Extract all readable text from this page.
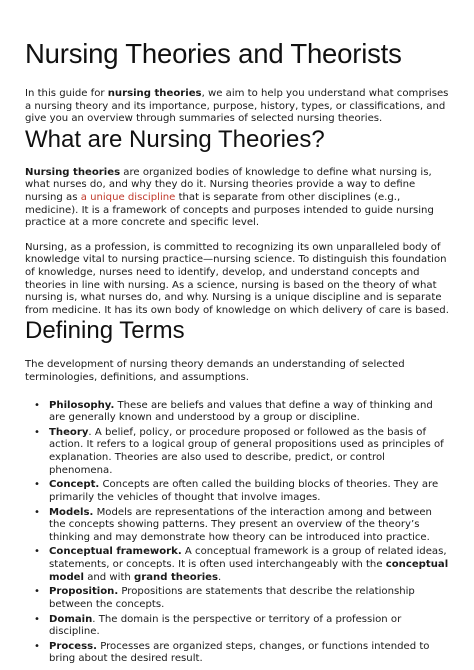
Nursing Theories and Theorists

In this guide for nursing theories, we aim to help you understand what comprises a nursing theory and its importance, purpose, history, types, or classifications, and give you an overview through summaries of selected nursing theories.

What are Nursing Theories?

Nursing theories are organized bodies of knowledge to define what nursing is, what nurses do, and why they do it. Nursing theories provide a way to define nursing as a unique discipline that is separate from other disciplines (e.g., medicine). It is a framework of concepts and purposes intended to guide nursing practice at a more concrete and specific level.

Nursing, as a profession, is committed to recognizing its own unparalleled body of knowledge vital to nursing practice—nursing science. To distinguish this foundation of knowledge, nurses need to identify, develop, and understand concepts and theories in line with nursing. As a science, nursing is based on the theory of what nursing is, what nurses do, and why. Nursing is a unique discipline and is separate from medicine. It has its own body of knowledge on which delivery of care is based.

Defining Terms

The development of nursing theory demands an understanding of selected terminologies, definitions, and assumptions.

• Philosophy. These are beliefs and values that define a way of thinking and are generally known and understood by a group or discipline.
• Theory. A belief, policy, or procedure proposed or followed as the basis of action. It refers to a logical group of general propositions used as principles of explanation. Theories are also used to describe, predict, or control phenomena.
• Concept. Concepts are often called the building blocks of theories. They are primarily the vehicles of thought that involve images.
• Models. Models are representations of the interaction among and between the concepts showing patterns. They present an overview of the theory’s thinking and may demonstrate how theory can be introduced into practice.
• Conceptual framework. A conceptual framework is a group of related ideas, statements, or concepts. It is often used interchangeably with the conceptual model and with grand theories.
• Proposition. Propositions are statements that describe the relationship between the concepts.
• Domain. The domain is the perspective or territory of a profession or discipline.
• Process. Processes are organized steps, changes, or functions intended to bring about the desired result.
